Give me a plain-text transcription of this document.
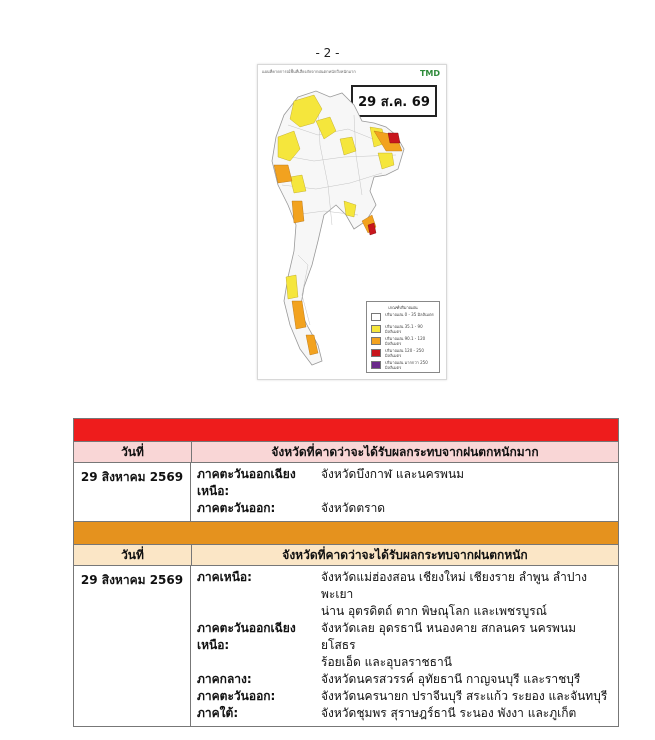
- 2 -
แผนที่คาดการณ์พื้นที่เสี่ยงภัยจากฝนตกหนักถึงหนักมาก	TMD
29 ส.ค. 69
เกณฑ์ปริมาณฝน
ปริมาณฝน 0 - 35 มิลลิเมตร
ปริมาณฝน 35.1 - 90 มิลลิเมตร
ปริมาณฝน 90.1 - 120 มิลลิเมตร
ปริมาณฝน 120 - 250 มิลลิเมตร
ปริมาณฝน มากกว่า 250 มิลลิเมตร
วันที่	จังหวัดที่คาดว่าจะได้รับผลกระทบจากฝนตกหนักมาก
29 สิงหาคม 2569	ภาคตะวันออกเฉียงเหนือ:
จังหวัดบึงกาฬ และนครพนม
ภาคตะวันออก:	จังหวัดตราด
วันที่	จังหวัดที่คาดว่าจะได้รับผลกระทบจากฝนตกหนัก
29 สิงหาคม 2569	ภาคเหนือ:	จังหวัดแม่ฮ่องสอน เชียงใหม่ เชียงราย ลำพูน ลำปาง พะเยา
น่าน อุตรดิตถ์ ตาก พิษณุโลก และเพชรบูรณ์
ภาคตะวันออกเฉียงเหนือ:
จังหวัดเลย อุดรธานี หนองคาย สกลนคร นครพนม ยโสธร
ร้อยเอ็ด และอุบลราชธานี
ภาคกลาง:	จังหวัดนครสวรรค์ อุทัยธานี กาญจนบุรี และราชบุรี
ภาคตะวันออก:	จังหวัดนครนายก ปราจีนบุรี สระแก้ว ระยอง และจันทบุรี
ภาคใต้:	จังหวัดชุมพร สุราษฎร์ธานี ระนอง พังงา และภูเก็ต
